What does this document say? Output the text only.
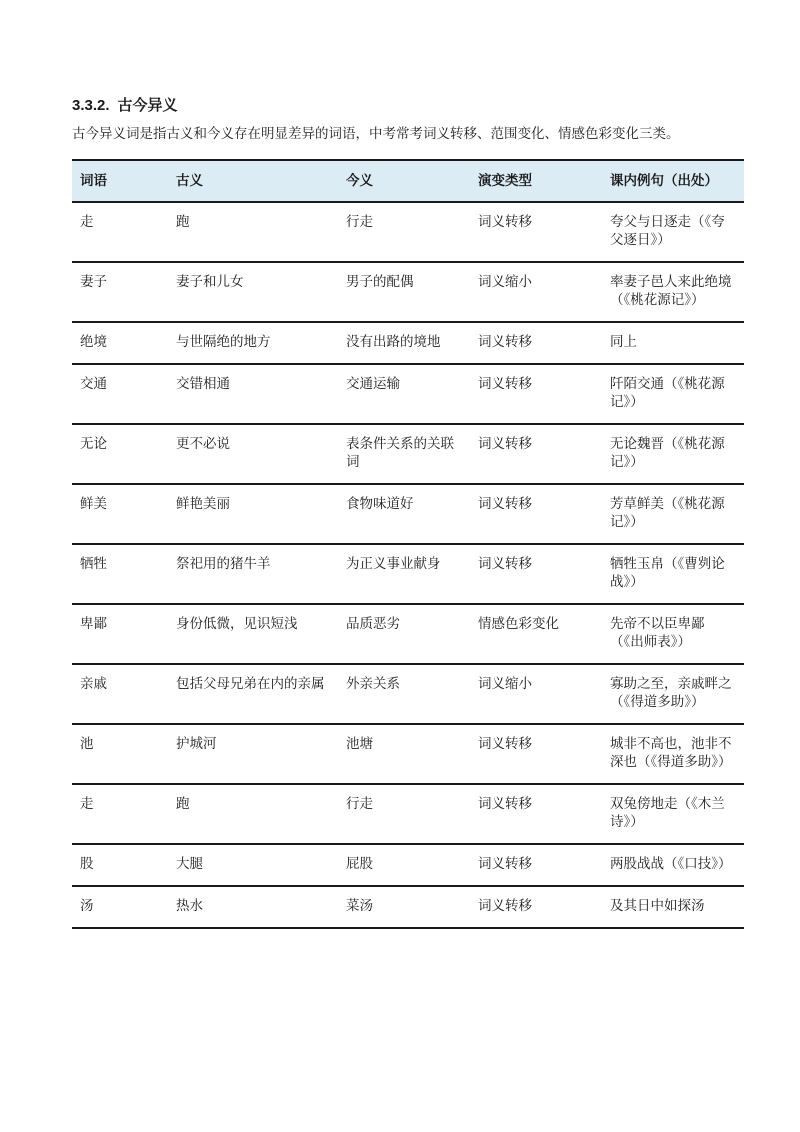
3.3.2. 古今异义

古今异义词是指古义和今义存在明显差异的词语，中考常考词义转移、范围变化、情感色彩变化三类。

词语	古义	今义	演变类型	课内例句（出处）
走	跑	行走	词义转移	夸父与日逐走（《夸父逐日》）
妻子	妻子和儿女	男子的配偶	词义缩小	率妻子邑人来此绝境（《桃花源记》）
绝境	与世隔绝的地方	没有出路的境地	词义转移	同上
交通	交错相通	交通运输	词义转移	阡陌交通（《桃花源记》）
无论	更不必说	表条件关系的关联词	词义转移	无论魏晋（《桃花源记》）
鲜美	鲜艳美丽	食物味道好	词义转移	芳草鲜美（《桃花源记》）
牺牲	祭祀用的猪牛羊	为正义事业献身	词义转移	牺牲玉帛（《曹刿论战》）
卑鄙	身份低微，见识短浅	品质恶劣	情感色彩变化	先帝不以臣卑鄙（《出师表》）
亲戚	包括父母兄弟在内的亲属	外亲关系	词义缩小	寡助之至，亲戚畔之（《得道多助》）
池	护城河	池塘	词义转移	城非不高也，池非不深也（《得道多助》）
走	跑	行走	词义转移	双兔傍地走（《木兰诗》）
股	大腿	屁股	词义转移	两股战战（《口技》）
汤	热水	菜汤	词义转移	及其日中如探汤
